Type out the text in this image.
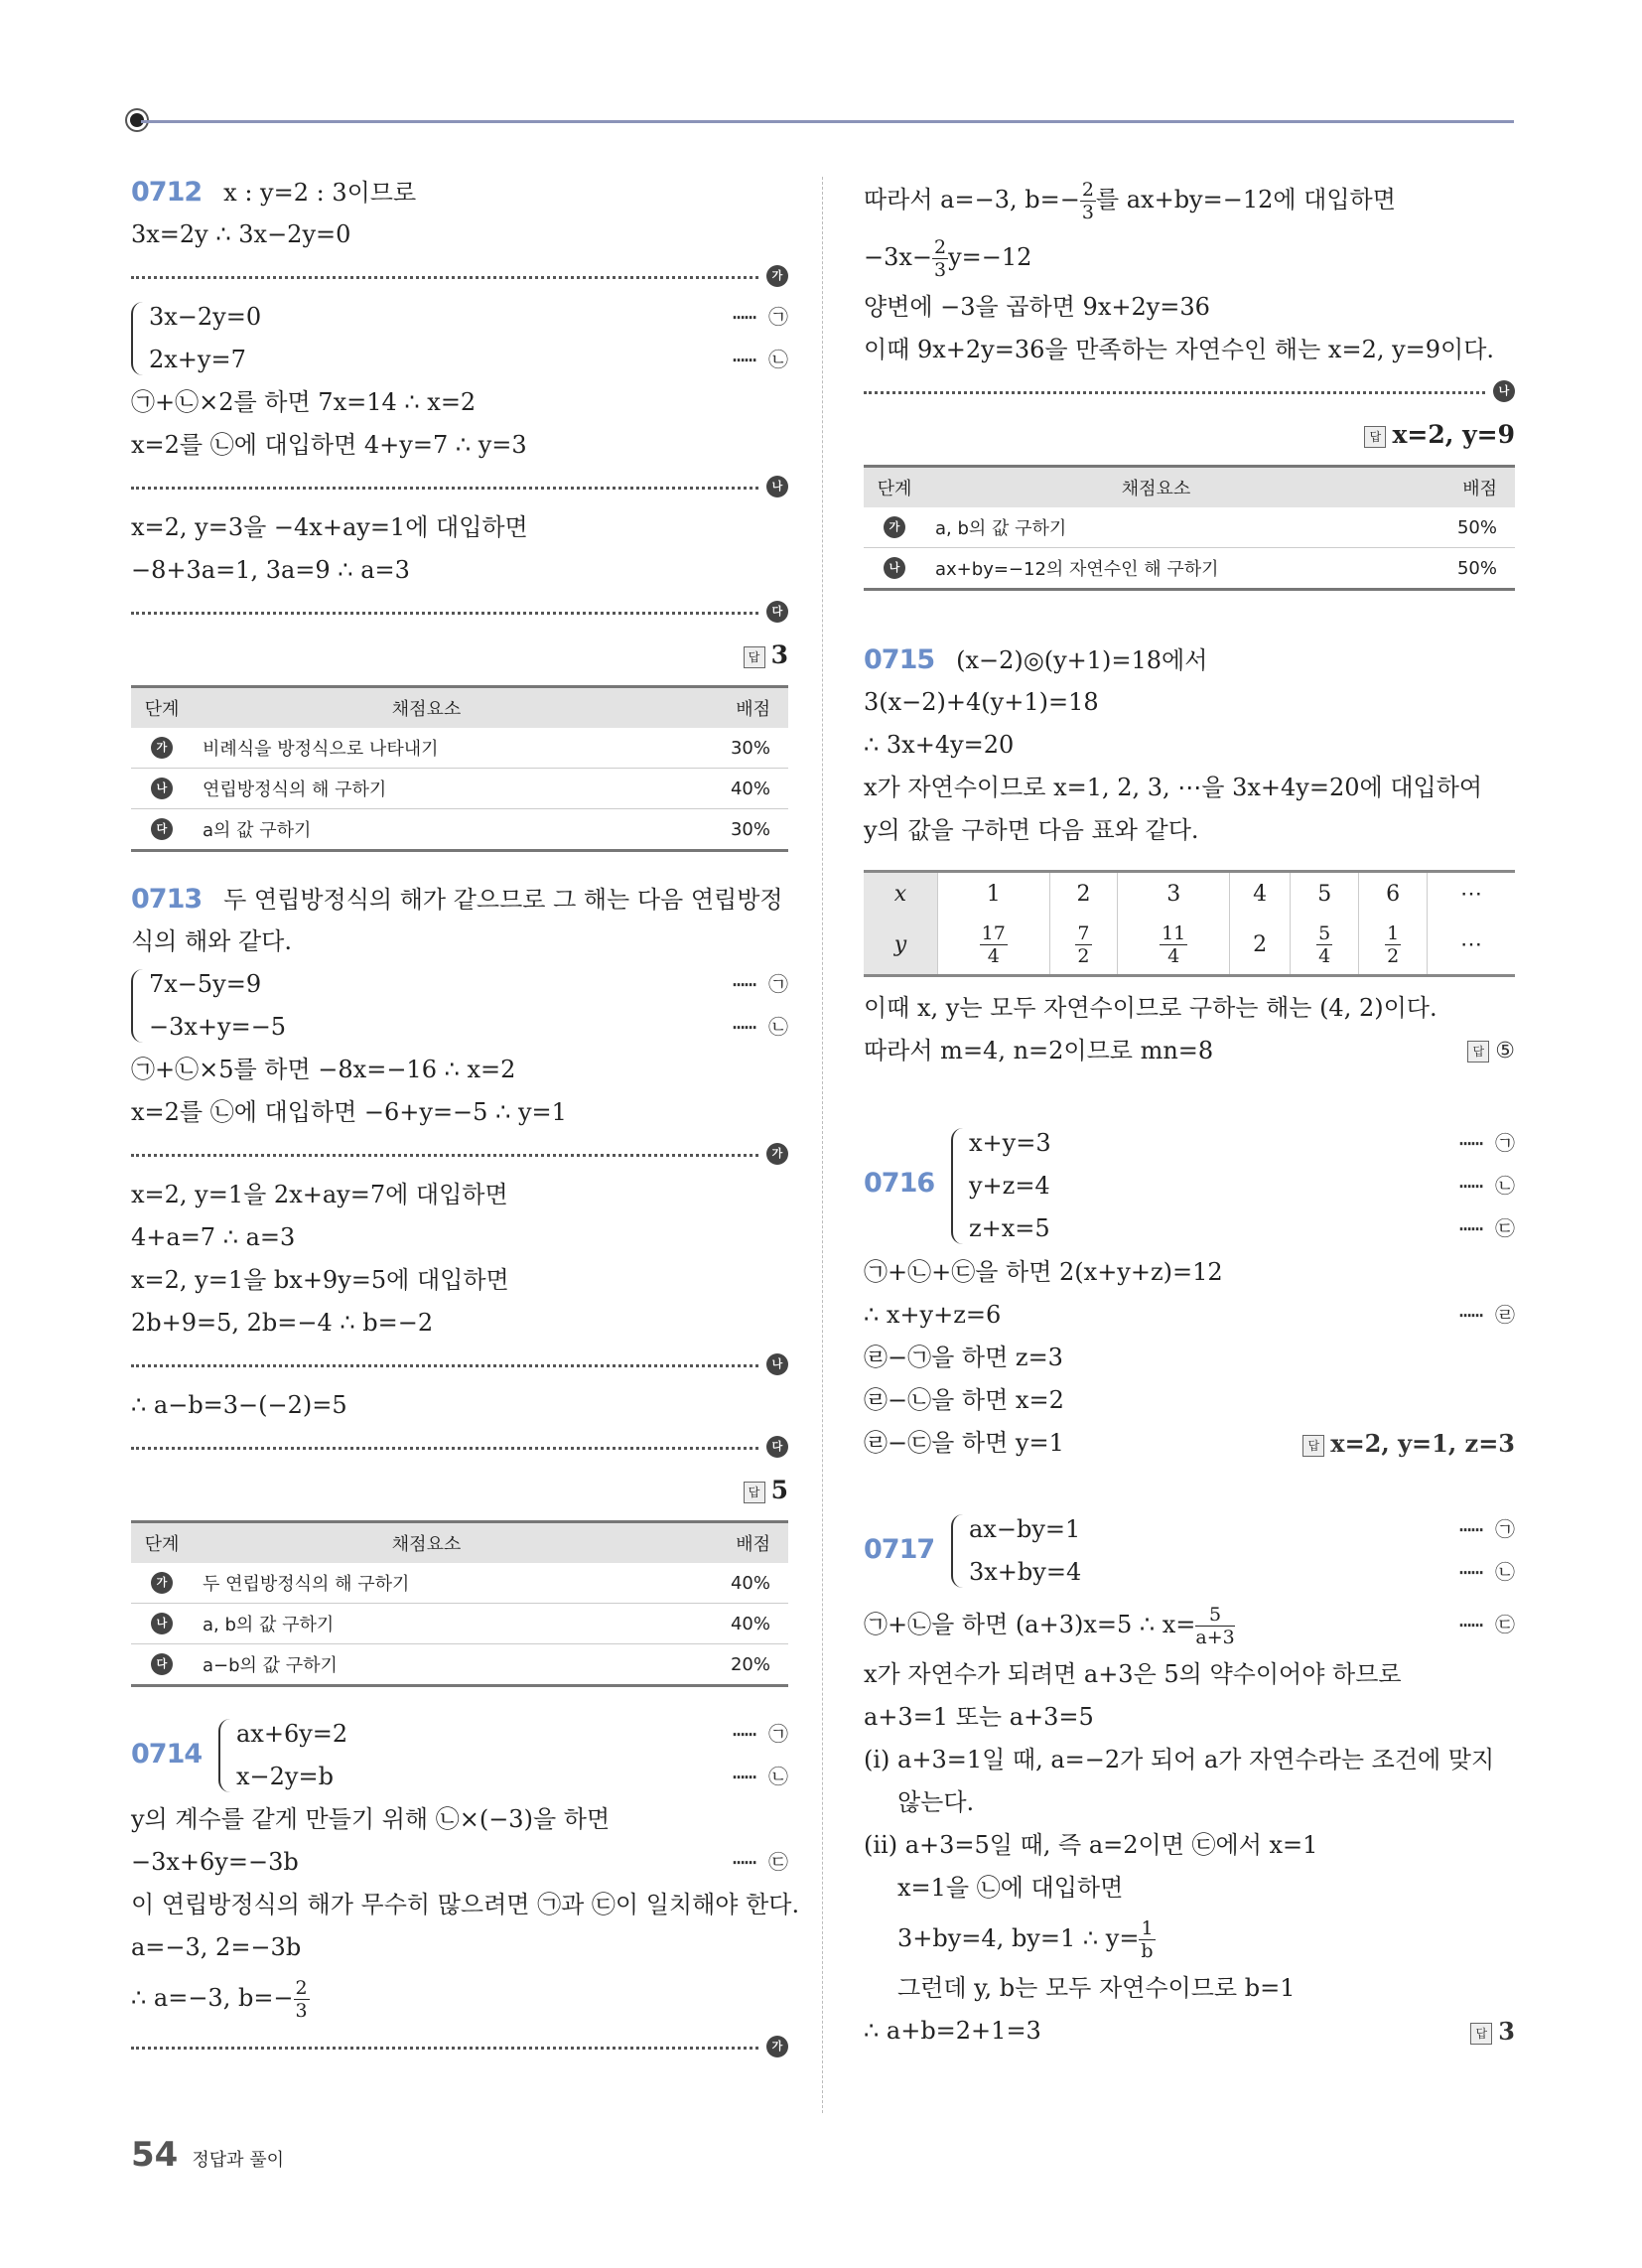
0712 x : y=2 : 3이므로
3x=2y ∴ 3x−2y=0
가
3x−2y=0	⋯⋯ ㉠
2x+y=7	⋯⋯ ㉡
㉠+㉡×2를 하면 7x=14 ∴ x=2
x=2를 ㉡에 대입하면 4+y=7 ∴ y=3
나
x=2, y=3을 −4x+ay=1에 대입하면
−8+3a=1, 3a=9 ∴ a=3
다
답 3
단계	채점요소	배점
가	비례식을 방정식으로 나타내기	30%
나	연립방정식의 해 구하기	40%
다	a의 값 구하기	30%
0713 두 연립방정식의 해가 같으므로 그 해는 다음 연립방정
식의 해와 같다.
7x−5y=9	⋯⋯ ㉠
−3x+y=−5	⋯⋯ ㉡
㉠+㉡×5를 하면 −8x=−16 ∴ x=2
x=2를 ㉡에 대입하면 −6+y=−5 ∴ y=1
가
x=2, y=1을 2x+ay=7에 대입하면
4+a=7 ∴ a=3
x=2, y=1을 bx+9y=5에 대입하면
2b+9=5, 2b=−4 ∴ b=−2
나
∴ a−b=3−(−2)=5
다
답 5
단계	채점요소	배점
가	두 연립방정식의 해 구하기	40%
나	a, b의 값 구하기	40%
다	a−b의 값 구하기	20%
0714
ax+6y=2	⋯⋯ ㉠
x−2y=b	⋯⋯ ㉡
y의 계수를 같게 만들기 위해 ㉡×(−3)을 하면
−3x+6y=−3b	⋯⋯ ㉢
이 연립방정식의 해가 무수히 많으려면 ㉠과 ㉢이 일치해야 한다.
a=−3, 2=−3b
∴ a=−3, $b=- \frac{2}{3}$
가
따라서 a=−3, $b=- \frac{2}{3}$ 를 ax+by=−12에 대입하면
$-3x- \frac{2}{3} y=-12$
양변에 −3을 곱하면 9x+2y=36
이때 9x+2y=36을 만족하는 자연수인 해는 x=2, y=9이다.
나
답 x=2, y=9
단계	채점요소	배점
가	a, b의 값 구하기	50%
나	ax+by=−12의 자연수인 해 구하기	50%
0715 (x−2)◎(y+1)=18에서
3(x−2)+4(y+1)=18
∴ 3x+4y=20
x가 자연수이므로 x=1, 2, 3, ⋯을 3x+4y=20에 대입하여
y의 값을 구하면 다음 표와 같다.
x	1	2	3	4	5	6	⋯
y	$\frac{17}{4}$	$\frac{7}{2}$	$\frac{11}{4}$	2	$\frac{5}{4}$	$\frac{1}{2}$	⋯
이때 x, y는 모두 자연수이므로 구하는 해는 (4, 2)이다.
따라서 m=4, n=2이므로 mn=8	답 ⑤
0716
x+y=3	⋯⋯ ㉠
y+z=4	⋯⋯ ㉡
z+x=5	⋯⋯ ㉢
㉠+㉡+㉢을 하면 2(x+y+z)=12
∴ x+y+z=6	⋯⋯ ㉣
㉣−㉠을 하면 z=3
㉣−㉡을 하면 x=2
㉣−㉢을 하면 y=1	답 x=2, y=1, z=3
0717
ax−by=1	⋯⋯ ㉠
3x+by=4	⋯⋯ ㉡
㉠+㉡을 하면 (a+3)x=5 ∴ $x= \frac{5}{a+3}$	⋯⋯ ㉢
x가 자연수가 되려면 a+3은 5의 약수이어야 하므로
a+3=1 또는 a+3=5
(ⅰ) a+3=1일 때, a=−2가 되어 a가 자연수라는 조건에 맞지
않는다.
(ⅱ) a+3=5일 때, 즉 a=2이면 ㉢에서 x=1
x=1을 ㉡에 대입하면
3+by=4, by=1 ∴ $y= \frac{1}{b}$
그런데 y, b는 모두 자연수이므로 b=1
∴ a+b=2+1=3	답 3
54 정답과 풀이
